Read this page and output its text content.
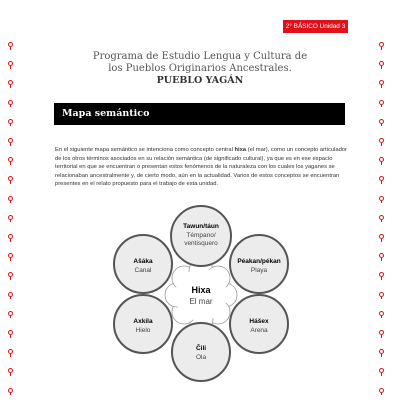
2° BÁSICO Unidad 3
Programa de Estudio Lengua y Cultura de
los Pueblos Originarios Ancestrales.
PUEBLO YAGÁN
Mapa semántico
En el siguiente mapa semántico se intenciona como concepto central hixa (el mar), como un concepto articulador de los otros términos asociados en su relación semántica (de significado cultural), ya que es en ese espacio territorial en que se encuentran o presentan estos fenómenos de la naturaleza con los cuales los yaganes se relacionaban ancestralmente y, de cierto modo, aún en la actualidad. Varios de estos conceptos se encuentran presentes en el relato propuesto para el trabajo de esta unidad.
Hixa
El mar
Tawun/táun
Témpano/
ventisquero
Péakan/pékan
Playa
Hášex
Arena
Čili
Ola
Axkila
Hielo
Ašáka
Canal
